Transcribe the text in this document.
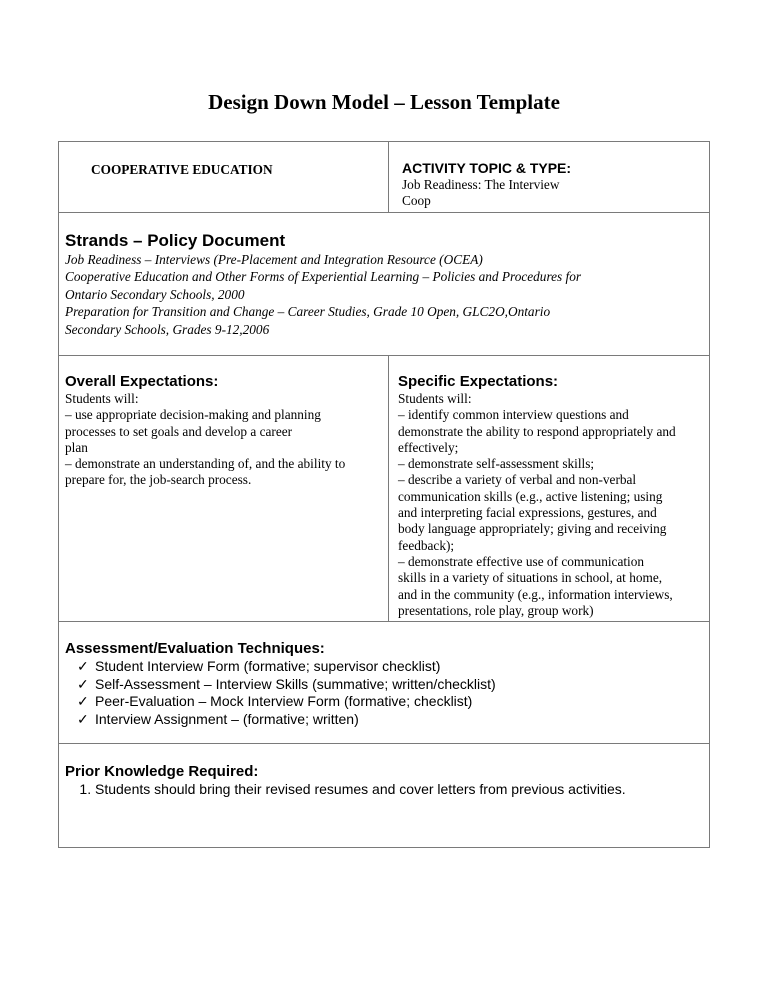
Design Down Model – Lesson Template
COOPERATIVE EDUCATION	ACTIVITY TOPIC & TYPE:
Job Readiness: The Interview
Coop
Strands – Policy Document
Job Readiness – Interviews (Pre-Placement and Integration Resource (OCEA)
Cooperative Education and Other Forms of Experiential Learning – Policies and Procedures for
Ontario Secondary Schools, 2000
Preparation for Transition and Change – Career Studies, Grade 10 Open, GLC2O,Ontario
Secondary Schools, Grades 9-12,2006
Overall Expectations:
Students will:
– use appropriate decision-making and planning
processes to set goals and develop a career
plan
– demonstrate an understanding of, and the ability to
prepare for, the job-search process.
Specific Expectations:
Students will:
– identify common interview questions and
demonstrate the ability to respond appropriately and
effectively;
– demonstrate self-assessment skills;
– describe a variety of verbal and non-verbal
communication skills (e.g., active listening; using
and interpreting facial expressions, gestures, and
body language appropriately; giving and receiving
feedback);
– demonstrate effective use of communication
skills in a variety of situations in school, at home,
and in the community (e.g., information interviews,
presentations, role play, group work)
Assessment/Evaluation Techniques:
✓ Student Interview Form (formative; supervisor checklist)
✓ Self-Assessment – Interview Skills (summative; written/checklist)
✓ Peer-Evaluation – Mock Interview Form (formative; checklist)
✓ Interview Assignment – (formative; written)
Prior Knowledge Required:
1. Students should bring their revised resumes and cover letters from previous activities.
